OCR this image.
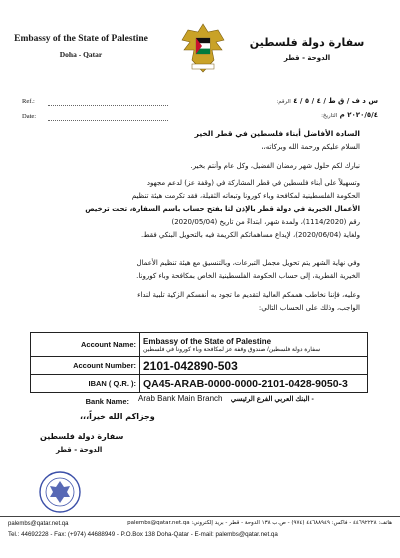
Embassy of the State of Palestine
Doha - Qatar
سفارة دولة فلسطين
الدوحة - قطر
Ref.:
Date:
س د ف / ق ط / ٤ / ٥ / ٤ الرقم:
٢٠٢٠/٥/٤ م التاريخ:
السادة الأفاضل أبناء فلسطين في قطر الخير
السلام عليكم ورحمة الله وبركاته،،
نبارك لكم حلول شهر رمضان الفضيل، وكل عام وأنتم بخير.
وتسهيلاً على أبناء فلسطين في قطر المشاركة في (وقفة عز) لدعم مجهود
الحكومة الفلسطينية لمكافحة وباء كورونا وتبعاته الثقيلة، فقد تكرمت هيئة تنظيم
الأعمال الخيرية في دولة قطر بالإذن لنا بفتح حساب باسم السفارة، تحت ترخيص
رقم (1114/2020)، ولمدة شهر، ابتداءً من تاريخ (2020/05/04)
ولغاية (2020/06/04)، لإيداع مساهماتكم الكريمة فيه بالتحويل البنكي فقط.
وفي نهاية الشهر يتم تحويل مجمل التبرعات، وبالتنسيق مع هيئة تنظيم الأعمال
الخيرية القطرية، إلى حساب الحكومة الفلسطينية الخاص بمكافحة وباء كورونا.
وعليه، فإننا نخاطب هممكم العالية لتقديم ما تجود به أنفسكم الزكية تلبية لنداء
الواجب، وذلك على الحساب التالي:
Account Name:	Embassy of the State of Palestine
سفارة دولة فلسطين/ صندوق وقفة عز لمكافحة وباء كورونا في فلسطين

Account Number:	2101-042890-503
IBAN ( Q.R. ):	QA45-ARAB-0000-0000-2101-0428-9050-3
Bank Name:	Arab Bank Main Branch البنك العربي الفرع الرئيسي -
وجزاكم الله خيراً،،،
سفارة دولة فلسطين
الدوحة - قطر
palembs@qatar.net.qa	هاتف: ٤٤٦٩٢٢٢٨ - فاكس: ٤٤٦٨٨٩٤٩ (٩٧٤) - ص.ب ١٣٨ الدوحة - قطر - بريد إلكتروني: palembs@qatar.net.qa
Tel.: 44692228 - Fax: (+974) 44688949 - P.O.Box 138 Doha-Qatar - E-mail: palembs@qatar.net.qa
